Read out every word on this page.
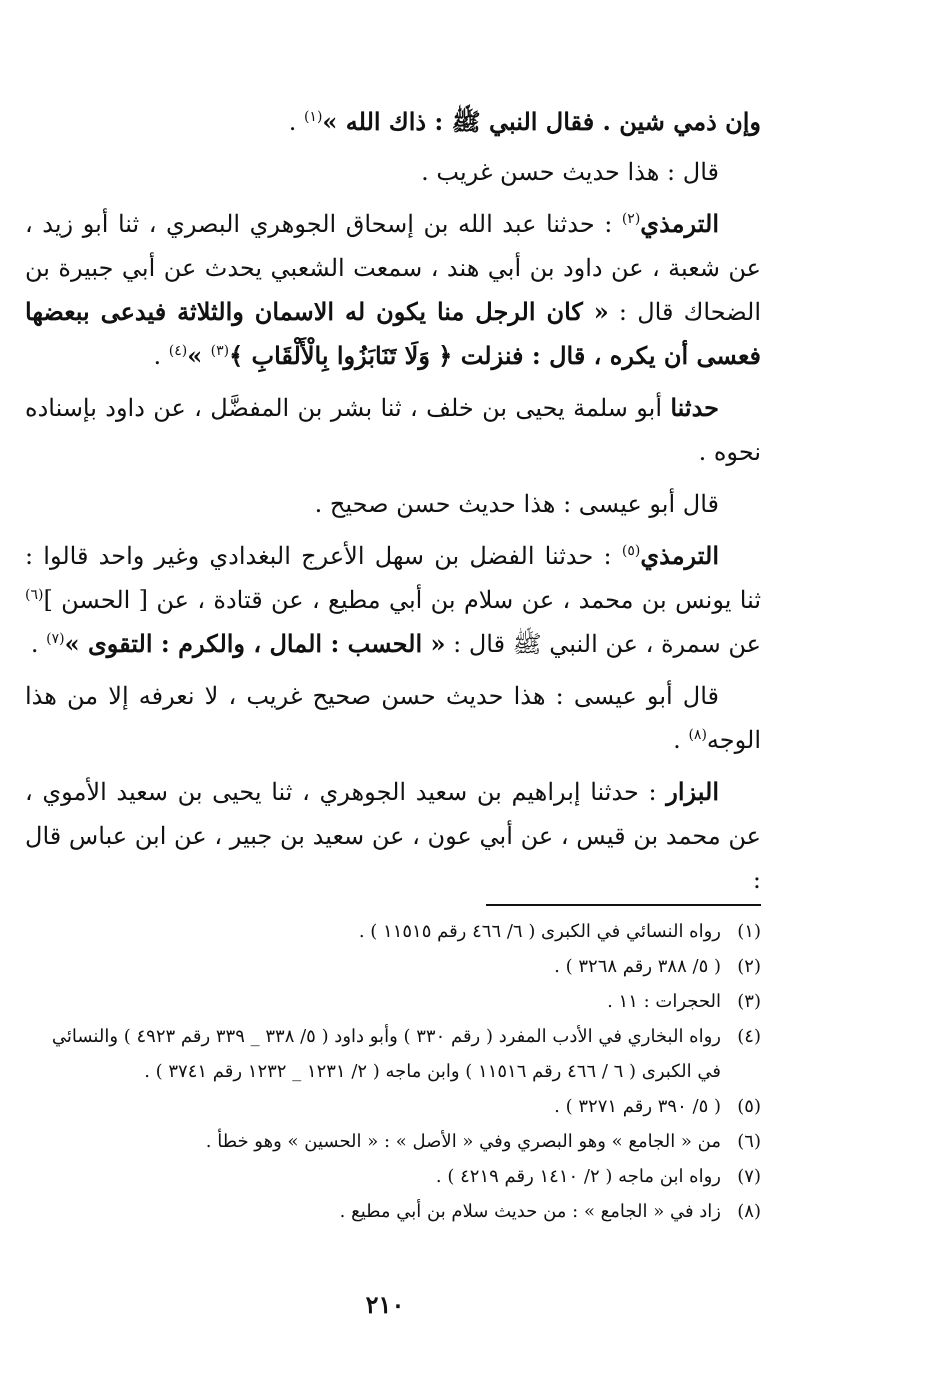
وإن ذمي شين . فقال النبي ﷺ : ذاك الله »$^{(١)}$ .

قال : هذا حديث حسن غريب .

الترمذي$^{(٢)}$ : حدثنا عبد الله بن إسحاق الجوهري البصري ، ثنا أبو زيد ، عن شعبة ، عن داود بن أبي هند ، سمعت الشعبي يحدث عن أبي جبيرة بن الضحاك قال : « كان الرجل منا يكون له الاسمان والثلاثة فيدعى ببعضها فعسى أن يكره ، قال : فنزلت ﴿ وَلَا تَنَابَزُوا بِالْأَلْقَابِ ﴾$^{(٣)}$ »$^{(٤)}$ .

حدثنا أبو سلمة يحيى بن خلف ، ثنا بشر بن المفضَّل ، عن داود بإسناده نحوه .

قال أبو عيسى : هذا حديث حسن صحيح .

الترمذي$^{(٥)}$ : حدثنا الفضل بن سهل الأعرج البغدادي وغير واحد قالوا : ثنا يونس بن محمد ، عن سلام بن أبي مطيع ، عن قتادة ، عن [ الحسن ]$^{(٦)}$ عن سمرة ، عن النبي ﷺ قال : « الحسب : المال ، والكرم : التقوى »$^{(٧)}$ .

قال أبو عيسى : هذا حديث حسن صحيح غريب ، لا نعرفه إلا من هذا الوجه$^{(٨)}$ .

البزار : حدثنا إبراهيم بن سعيد الجوهري ، ثنا يحيى بن سعيد الأموي ، عن محمد بن قيس ، عن أبي عون ، عن سعيد بن جبير ، عن ابن عباس قال :

(١)
رواه النسائي في الكبرى ( ٦/ ٤٦٦ رقم ١١٥١٥ ) .

(٢)
( ٥/ ٣٨٨ رقم ٣٢٦٨ ) .

(٣)
الحجرات : ١١ .

(٤)
رواه البخاري في الأدب المفرد ( رقم ٣٣٠ ) وأبو داود ( ٥/ ٣٣٨ _ ٣٣٩ رقم ٤٩٢٣ ) والنسائي في الكبرى ( ٦ / ٤٦٦ رقم ١١٥١٦ ) وابن ماجه ( ٢/ ١٢٣١ _ ١٢٣٢ رقم ٣٧٤١ ) .

(٥)
( ٥/ ٣٩٠ رقم ٣٢٧١ ) .

(٦)
من « الجامع » وهو البصري وفي « الأصل » : « الحسين » وهو خطأ .

(٧)
رواه ابن ماجه ( ٢/ ١٤١٠ رقم ٤٢١٩ ) .

(٨)
زاد في « الجامع » : من حديث سلام بن أبي مطيع .

٢١٠
